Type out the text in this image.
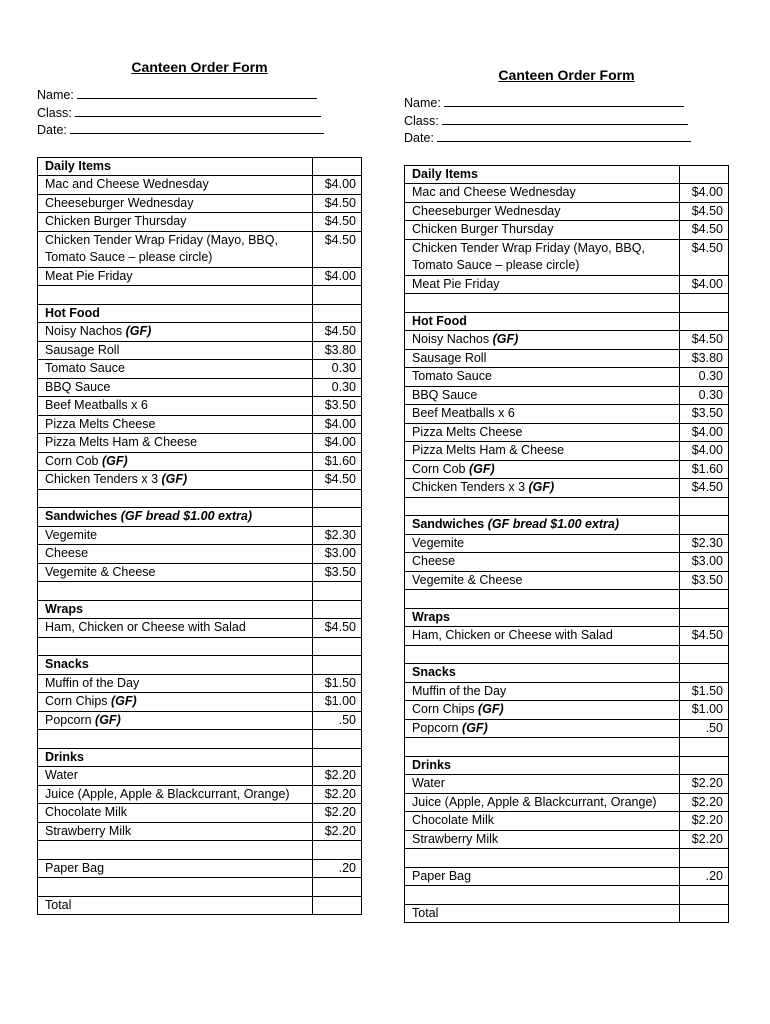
Canteen Order Form
Name:
Class:
Date:
Daily Items	
Mac and Cheese Wednesday	$4.00
Cheeseburger Wednesday	$4.50
Chicken Burger Thursday	$4.50
Chicken Tender Wrap Friday (Mayo, BBQ, Tomato Sauce – please circle)	$4.50
Meat Pie Friday	$4.00

Hot Food	
Noisy Nachos (GF)	$4.50
Sausage Roll	$3.80
Tomato Sauce	0.30
BBQ Sauce	0.30
Beef Meatballs x 6	$3.50
Pizza Melts Cheese	$4.00
Pizza Melts Ham & Cheese	$4.00
Corn Cob (GF)	$1.60
Chicken Tenders x 3 (GF)	$4.50

Sandwiches (GF bread $1.00 extra)	
Vegemite	$2.30
Cheese	$3.00
Vegemite & Cheese	$3.50

Wraps	
Ham, Chicken or Cheese with Salad	$4.50

Snacks	
Muffin of the Day	$1.50
Corn Chips (GF)	$1.00
Popcorn (GF)	.50

Drinks	
Water	$2.20
Juice (Apple, Apple & Blackcurrant, Orange)	$2.20
Chocolate Milk	$2.20
Strawberry Milk	$2.20

Paper Bag	.20

Total	
Canteen Order Form
Name:
Class:
Date:
Daily Items	
Mac and Cheese Wednesday	$4.00
Cheeseburger Wednesday	$4.50
Chicken Burger Thursday	$4.50
Chicken Tender Wrap Friday (Mayo, BBQ, Tomato Sauce – please circle)	$4.50
Meat Pie Friday	$4.00

Hot Food	
Noisy Nachos (GF)	$4.50
Sausage Roll	$3.80
Tomato Sauce	0.30
BBQ Sauce	0.30
Beef Meatballs x 6	$3.50
Pizza Melts Cheese	$4.00
Pizza Melts Ham & Cheese	$4.00
Corn Cob (GF)	$1.60
Chicken Tenders x 3 (GF)	$4.50

Sandwiches (GF bread $1.00 extra)	
Vegemite	$2.30
Cheese	$3.00
Vegemite & Cheese	$3.50

Wraps	
Ham, Chicken or Cheese with Salad	$4.50

Snacks	
Muffin of the Day	$1.50
Corn Chips (GF)	$1.00
Popcorn (GF)	.50

Drinks	
Water	$2.20
Juice (Apple, Apple & Blackcurrant, Orange)	$2.20
Chocolate Milk	$2.20
Strawberry Milk	$2.20

Paper Bag	.20

Total	
